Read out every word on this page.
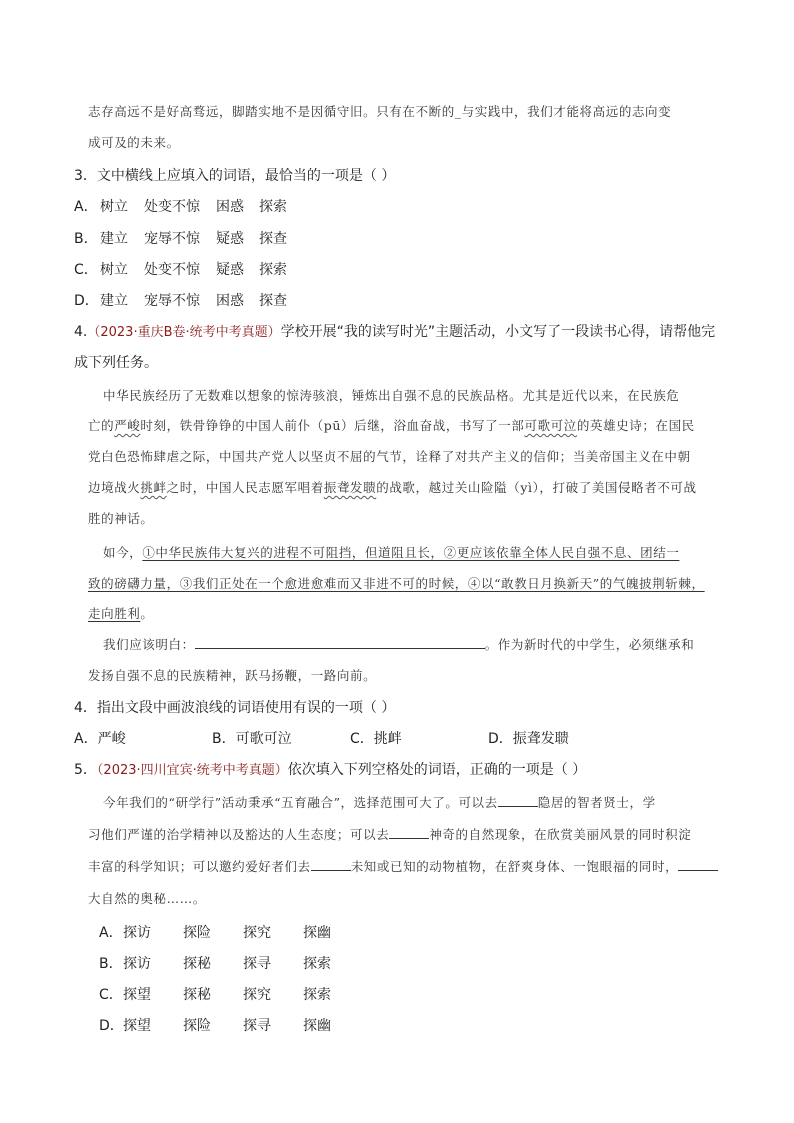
志存高远不是好高骛远，脚踏实地不是因循守旧。只有在不断的_与实践中，我们才能将高远的志向变
成可及的未来。
3．文中横线上应填入的词语，最恰当的一项是（ ）
A． 树立 处变不惊 困惑 探索
B． 建立 宠辱不惊 疑惑 探查
C． 树立 处变不惊 疑惑 探索
D．建立 宠辱不惊 困惑 探查
4.（2023·重庆B卷·统考中考真题）学校开展“我的读写时光”主题活动，小文写了一段读书心得，请帮他完
成下列任务。
中华民族经历了无数难以想象的惊涛骇浪，锤炼出自强不息的民族品格。尤其是近代以来，在民族危
亡的严峻时刻，铁骨铮铮的中国人前仆（pū）后继，浴血奋战，书写了一部可歌可泣的英雄史诗；在国民
党白色恐怖肆虐之际，中国共产党人以坚贞不屈的气节，诠释了对共产主义的信仰；当美帝国主义在中朝
边境战火挑衅之时，中国人民志愿军唱着振聋发聩的战歌，越过关山险隘（yì），打破了美国侵略者不可战
胜的神话。
如今，①中华民族伟大复兴的进程不可阻挡，但道阻且长，②更应该依靠全体人民自强不息、团结一
致的磅礴力量，③我们正处在一个愈进愈难而又非进不可的时候，④以“敢教日月换新天”的气魄披荆斩棘，
走向胜利。
我们应该明白：	。作为新时代的中学生，必须继承和
发扬自强不息的民族精神，跃马扬鞭，一路向前。
4．指出文段中画波浪线的词语使用有误的一项（ ）
A．严峻	B．可歌可泣	C．挑衅	D．振聋发聩
5．（2023·四川宜宾·统考中考真题）依次填入下列空格处的词语，正确的一项是（ ）
今年我们的“研学行”活动秉承“五育融合”，选择范围可大了。可以去	隐居的智者贤士，学
习他们严谨的治学精神以及豁达的人生态度；可以去	神奇的自然现象，在欣赏美丽风景的同时积淀
丰富的科学知识；可以邀约爱好者们去	未知或已知的动物植物，在舒爽身体、一饱眼福的同时，
大自然的奥秘……。
A．探访 探险 探究 探幽
B．探访 探秘 探寻 探索
C．探望 探秘 探究 探索
D．探望 探险 探寻 探幽
